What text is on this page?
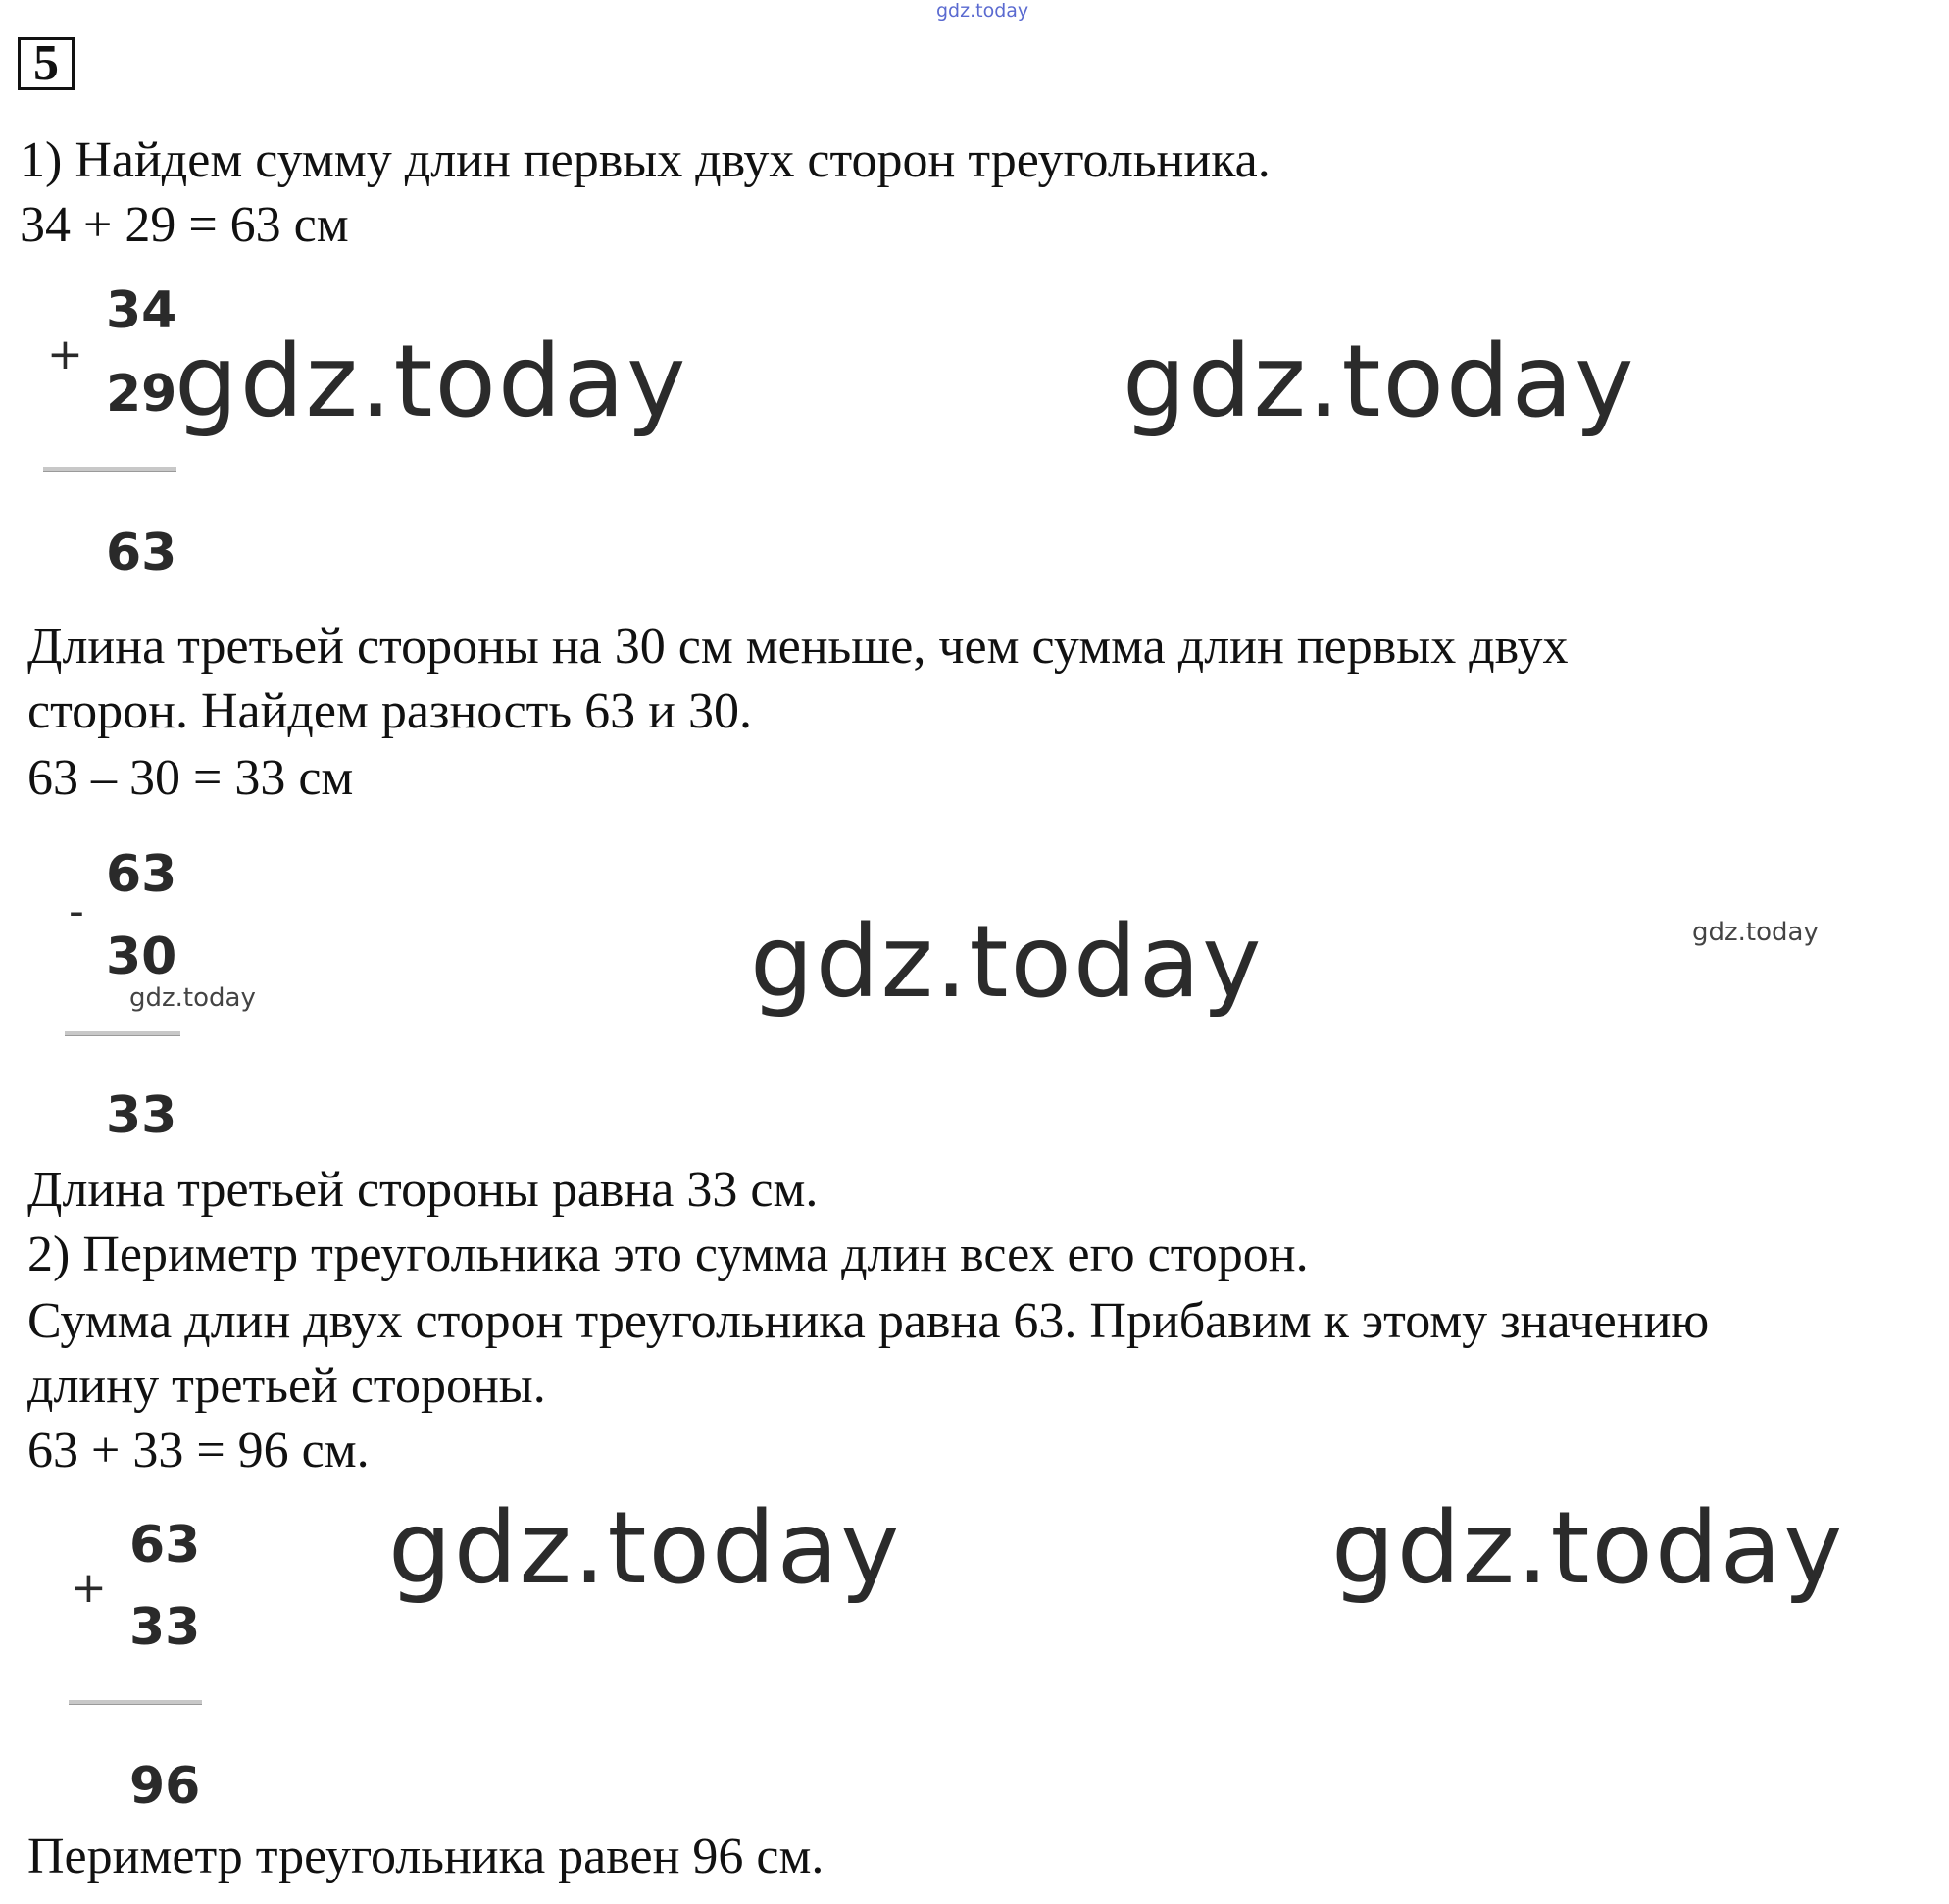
gdz.today
5
1) Найдем сумму длин первых двух сторон треугольника.
34 + 29 = 63 см
34
+
29
63
gdz.today	gdz.today
Длина третьей стороны на 30 см меньше, чем сумма длин первых двух
сторон. Найдем разность 63 и 30.
63 – 30 = 33 см
63
-
30
33
gdz.today	gdz.today	gdz.today
Длина третьей стороны равна 33 см.
2) Периметр треугольника это сумма длин всех его сторон.
Сумма длин двух сторон треугольника равна 63. Прибавим к этому значению
длину третьей стороны.
63 + 33 = 96 см.
63
+
33
96
gdz.today	gdz.today
Периметр треугольника равен 96 см.
